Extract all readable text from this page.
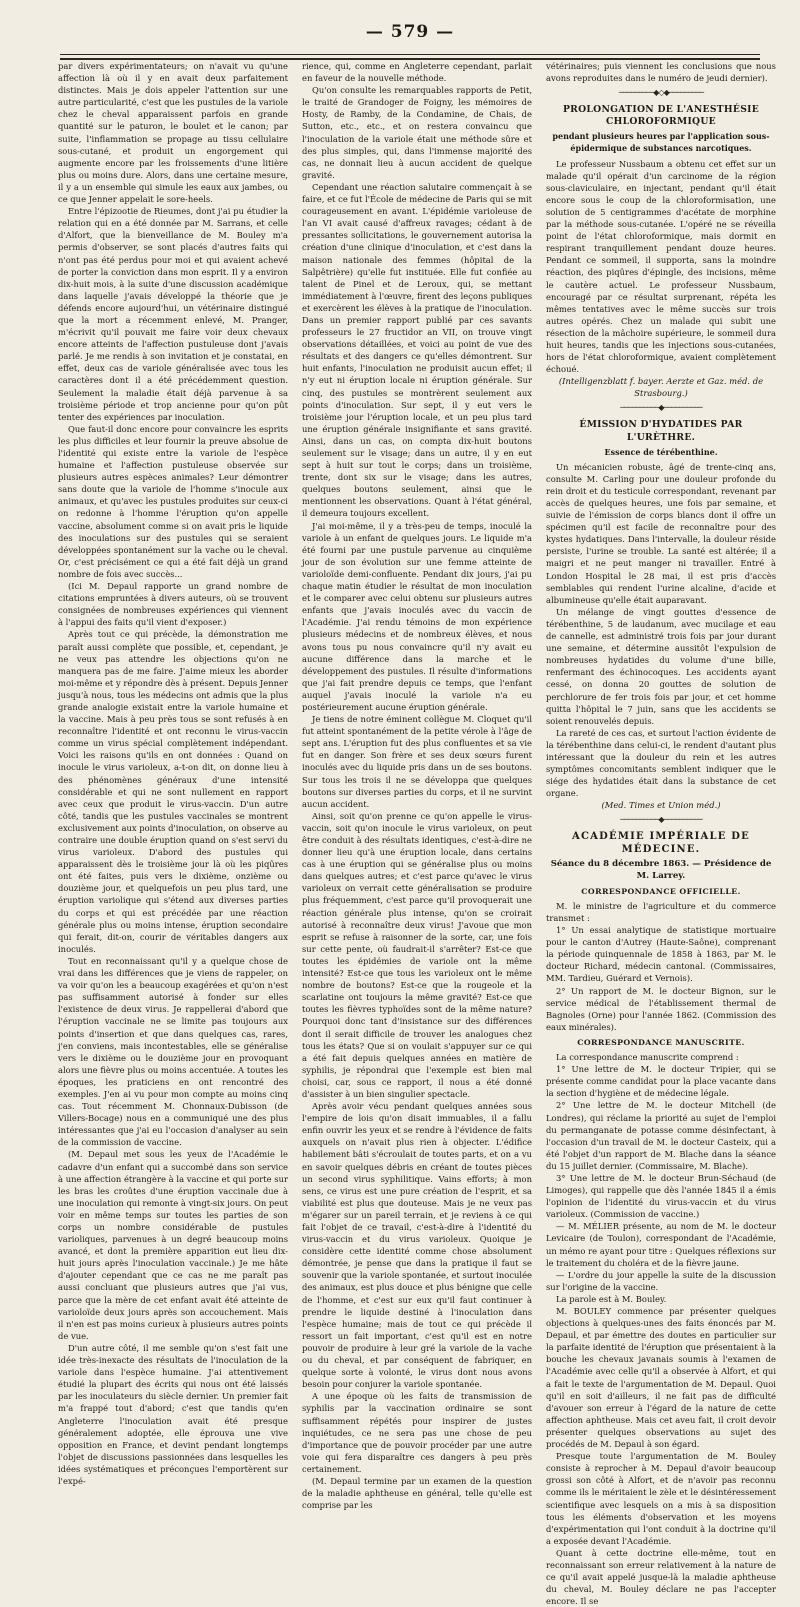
— 579 —

par divers expérimentateurs; on n'avait vu qu'une affection là où il y en avait deux parfaitement distinctes. Mais je dois appeler l'attention sur une autre particularité, c'est que les pustules de la variole chez le cheval apparaissent parfois en grande quantité sur le paturon, le boulet et le canon; par suite, l'inflammation se propage au tissu cellulaire sous-cutané, et produit un engorgement qui augmente encore par les froissements d'une litière plus ou moins dure. Alors, dans une certaine mesure, il y a un ensemble qui simule les eaux aux jambes, ou ce que Jenner appelait le sore-heels.

Entre l'épizootie de Rieumes, dont j'ai pu étudier la relation qui en a été donnée par M. Sarrans, et celle d'Alfort, que la bienveillance de M. Bouley m'a permis d'observer, se sont placés d'autres faits qui n'ont pas été perdus pour moi et qui avaient achevé de porter la conviction dans mon esprit. Il y a environ dix-huit mois, à la suite d'une discussion académique dans laquelle j'avais développé la théorie que je défends encore aujourd'hui, un vétérinaire distingué que la mort a récemment enlevé, M. Pranger, m'écrivit qu'il pouvait me faire voir deux chevaux encore atteints de l'affection pustuleuse dont j'avais parlé. Je me rendis à son invitation et je constatai, en effet, deux cas de variole généralisée avec tous les caractères dont il a été précédemment question. Seulement la maladie était déjà parvenue à sa troisième période et trop ancienne pour qu'on pût tenter des expériences par inoculation.

Que faut-il donc encore pour convaincre les esprits les plus difficiles et leur fournir la preuve absolue de l'identité qui existe entre la variole de l'espèce humaine et l'affection pustuleuse observée sur plusieurs autres espèces animales? Leur démontrer sans doute que la variole de l'homme s'inocule aux animaux, et qu'avec les pustules produites sur ceux-ci on redonne à l'homme l'éruption qu'on appelle vaccine, absolument comme si on avait pris le liquide des inoculations sur des pustules qui se seraient développées spontanément sur la vache ou le cheval. Or, c'est précisément ce qui a été fait déjà un grand nombre de fois avec succès...

(Ici M. Depaul rapporte un grand nombre de citations empruntées à divers auteurs, où se trouvent consignées de nombreuses expériences qui viennent à l'appui des faits qu'il vient d'exposer.)

Après tout ce qui précède, la démonstration me paraît aussi complète que possible, et, cependant, je ne veux pas attendre les objections qu'on ne manquera pas de me faire. J'aime mieux les aborder moi-même et y répondre dès à présent. Depuis Jenner jusqu'à nous, tous les médecins ont admis que la plus grande analogie existait entre la variole humaine et la vaccine. Mais à peu près tous se sont refusés à en reconnaître l'identité et ont reconnu le virus-vaccin comme un virus spécial complètement indépendant. Voici les raisons qu'ils en ont données : Quand on inocule le virus varioleux, a-t-on dit, on donne lieu à des phénomènes généraux d'une intensité considérable et qui ne sont nullement en rapport avec ceux que produit le virus-vaccin. D'un autre côté, tandis que les pustules vaccinales se montrent exclusivement aux points d'inoculation, on observe au contraire une double éruption quand on s'est servi du virus varioleux. D'abord des pustules qui apparaissent dès le troisième jour là où les piqûres ont été faites, puis vers le dixième, onzième ou douzième jour, et quelquefois un peu plus tard, une éruption variolique qui s'étend aux diverses parties du corps et qui est précédée par une réaction générale plus ou moins intense, éruption secondaire qui ferait, dit-on, courir de véritables dangers aux inoculés.

Tout en reconnaissant qu'il y a quelque chose de vrai dans les différences que je viens de rappeler, on va voir qu'on les a beaucoup exagérées et qu'on n'est pas suffisamment autorisé à fonder sur elles l'existence de deux virus. Je rappellerai d'abord que l'éruption vaccinale ne se limite pas toujours aux points d'insertion et que dans quelques cas, rares, j'en conviens, mais incontestables, elle se généralise vers le dixième ou le douzième jour en provoquant alors une fièvre plus ou moins accentuée. A toutes les époques, les praticiens en ont rencontré des exemples. J'en ai vu pour mon compte au moins cinq cas. Tout récemment M. Chonnaux-Dubisson (de Villers-Bocage) nous en a communiqué une des plus intéressantes que j'ai eu l'occasion d'analyser au sein de la commission de vaccine.

(M. Depaul met sous les yeux de l'Académie le cadavre d'un enfant qui a succombé dans son service à une affection étrangère à la vaccine et qui porte sur les bras les croûtes d'une éruption vaccinale due à une inoculation qui remonte à vingt-six jours. On peut voir en même temps sur toutes les parties de son corps un nombre considérable de pustules varioliques, parvenues à un degré beaucoup moins avancé, et dont la première apparition eut lieu dix-huit jours après l'inoculation vaccinale.) Je me hâte d'ajouter cependant que ce cas ne me paraît pas aussi concluant que plusieurs autres que j'ai vus, parce que la mère de cet enfant avait été atteinte de varioloïde deux jours après son accouchement. Mais il n'en est pas moins curieux à plusieurs autres points de vue.

D'un autre côté, il me semble qu'on s'est fait une idée très-inexacte des résultats de l'inoculation de la variole dans l'espèce humaine. J'ai attentivement étudié la plupart des écrits qui nous ont été laissés par les inoculateurs du siècle dernier. Un premier fait m'a frappé tout d'abord; c'est que tandis qu'en Angleterre l'inoculation avait été presque généralement adoptée, elle éprouva une vive opposition en France, et devint pendant longtemps l'objet de discussions passionnées dans lesquelles les idées systématiques et préconçues l'emportèrent sur l'expé-

rience, qui, comme en Angleterre cependant, parlait en faveur de la nouvelle méthode.

Qu'on consulte les remarquables rapports de Petit, le traité de Grandoger de Foigny, les mémoires de Hosty, de Ramby, de la Condamine, de Chais, de Sutton, etc., etc., et on restera convaincu que l'inoculation de la variole était une méthode sûre et des plus simples, qui, dans l'immense majorité des cas, ne donnait lieu à aucun accident de quelque gravité.

Cependant une réaction salutaire commençait à se faire, et ce fut l'École de médecine de Paris qui se mit courageusement en avant. L'épidémie varioleuse de l'an VI avait causé d'affreux ravages; cédant à de pressantes sollicitations, le gouvernement autorisa la création d'une clinique d'inoculation, et c'est dans la maison nationale des femmes (hôpital de la Salpêtrière) qu'elle fut instituée. Elle fut confiée au talent de Pinel et de Leroux, qui, se mettant immédiatement à l'œuvre, firent des leçons publiques et exercèrent les élèves à la pratique de l'inoculation. Dans un premier rapport publié par ces savants professeurs le 27 fructidor an VII, on trouve vingt observations détaillées, et voici au point de vue des résultats et des dangers ce qu'elles démontrent. Sur huit enfants, l'inoculation ne produisit aucun effet; il n'y eut ni éruption locale ni éruption générale. Sur cinq, des pustules se montrèrent seulement aux points d'inoculation. Sur sept, il y eut vers le troisième jour l'éruption locale, et un peu plus tard une éruption générale insignifiante et sans gravité. Ainsi, dans un cas, on compta dix-huit boutons seulement sur le visage; dans un autre, il y en eut sept à huit sur tout le corps; dans un troisième, trente, dont six sur le visage; dans les autres, quelques boutons seulement, ainsi que le mentionnent les observations. Quant à l'état général, il demeura toujours excellent.

J'ai moi-même, il y a très-peu de temps, inoculé la variole à un enfant de quelques jours. Le liquide m'a été fourni par une pustule parvenue au cinquième jour de son évolution sur une femme atteinte de varioloïde demi-confluente. Pendant dix jours, j'ai pu chaque matin étudier le résultat de mon inoculation et le comparer avec celui obtenu sur plusieurs autres enfants que j'avais inoculés avec du vaccin de l'Académie. J'ai rendu témoins de mon expérience plusieurs médecins et de nombreux élèves, et nous avons tous pu nous convaincre qu'il n'y avait eu aucune différence dans la marche et le développement des pustules. Il résulte d'informations que j'ai fait prendre depuis ce temps, que l'enfant auquel j'avais inoculé la variole n'a eu postérieurement aucune éruption générale.

Je tiens de notre éminent collègue M. Cloquet qu'il fut atteint spontanément de la petite vérole à l'âge de sept ans. L'éruption fut des plus confluentes et sa vie fut en danger. Son frère et ses deux sœurs furent inoculés avec du liquide pris dans un de ses boutons. Sur tous les trois il ne se développa que quelques boutons sur diverses parties du corps, et il ne survint aucun accident.

Ainsi, soit qu'on prenne ce qu'on appelle le virus-vaccin, soit qu'on inocule le virus varioleux, on peut être conduit à des résultats identiques, c'est-à-dire ne donner lieu qu'à une éruption locale, dans certains cas à une éruption qui se généralise plus ou moins dans quelques autres; et c'est parce qu'avec le virus varioleux on verrait cette généralisation se produire plus fréquemment, c'est parce qu'il provoquerait une réaction générale plus intense, qu'on se croirait autorisé à reconnaître deux virus! J'avoue que mon esprit se refuse à raisonner de la sorte, car, une fois sur cette pente, où faudrait-il s'arrêter? Est-ce que toutes les épidémies de variole ont la même intensité? Est-ce que tous les varioleux ont le même nombre de boutons? Est-ce que la rougeole et la scarlatine ont toujours la même gravité? Est-ce que toutes les fièvres typhoïdes sont de la même nature? Pourquoi donc tant d'insistance sur des différences dont il serait difficile de trouver les analogues chez tous les états? Que si on voulait s'appuyer sur ce qui a été fait depuis quelques années en matière de syphilis, je répondrai que l'exemple est bien mal choisi, car, sous ce rapport, il nous a été donné d'assister à un bien singulier spectacle.

Après avoir vécu pendant quelques années sous l'empire de lois qu'on disait immuables, il a fallu enfin ouvrir les yeux et se rendre à l'évidence de faits auxquels on n'avait plus rien à objecter. L'édifice habilement bâti s'écroulait de toutes parts, et on a vu en savoir quelques débris en créant de toutes pièces un second virus syphilitique. Vains efforts; à mon sens, ce virus est une pure création de l'esprit, et sa viabilité est plus que douteuse. Mais je ne veux pas m'égarer sur un pareil terrain, et je reviens à ce qui fait l'objet de ce travail, c'est-à-dire à l'identité du virus-vaccin et du virus varioleux. Quoique je considère cette identité comme chose absolument démontrée, je pense que dans la pratique il faut se souvenir que la variole spontanée, et surtout inoculée des animaux, est plus douce et plus bénigne que celle de l'homme, et c'est sur eux qu'il faut continuer à prendre le liquide destiné à l'inoculation dans l'espèce humaine; mais de tout ce qui précède il ressort un fait important, c'est qu'il est en notre pouvoir de produire à leur gré la variole de la vache ou du cheval, et par conséquent de fabriquer, en quelque sorte à volonté, le virus dont nous avons besoin pour conjurer la variole spontanée.

A une époque où les faits de transmission de syphilis par la vaccination ordinaire se sont suffisamment répétés pour inspirer de justes inquiétudes, ce ne sera pas une chose de peu d'importance que de pouvoir procéder par une autre voie qui fera disparaître ces dangers à peu près certainement.

(M. Depaul termine par un examen de la question de la maladie aphtheuse en général, telle qu'elle est comprise par les

vétérinaires; puis viennent les conclusions que nous avons reproduites dans le numéro de jeudi dernier).

─────────◆◇◆─────────
PROLONGATION DE L'ANESTHÉSIE CHLOROFORMIQUE
pendant plusieurs heures par l'application sous-épidermique de substances narcotiques.

Le professeur Nussbaum a obtenu cet effet sur un malade qu'il opérait d'un carcinome de la région sous-claviculaire, en injectant, pendant qu'il était encore sous le coup de la chloroformisation, une solution de 5 centigrammes d'acétate de morphine par la méthode sous-cutanée. L'opéré ne se réveilla point de l'état chloroformique, mais dormit en respirant tranquillement pendant douze heures. Pendant ce sommeil, il supporta, sans la moindre réaction, des piqûres d'épingle, des incisions, même le cautère actuel. Le professeur Nussbaum, encouragé par ce résultat surprenant, répéta les mêmes tentatives avec le même succès sur trois autres opérés. Chez un malade qui subit une résection de la mâchoire supérieure, le sommeil dura huit heures, tandis que les injections sous-cutanées, hors de l'état chloroformique, avaient complètement échoué.

(Intelligenzblatt f. bayer. Aerzte et Gaz. méd. de Strasbourg.)

──────────◆──────────
ÉMISSION D'HYDATIDES PAR L'URÈTHRE.
Essence de térébenthine.

Un mécanicien robuste, âgé de trente-cinq ans, consulte M. Carling pour une douleur profonde du rein droit et du testicule correspondant, revenant par accès de quelques heures, une fois par semaine, et suivie de l'émission de corps blancs dont il offre un spécimen qu'il est facile de reconnaître pour des kystes hydatiques. Dans l'intervalle, la douleur réside persiste, l'urine se trouble. La santé est altérée; il a maigri et ne peut manger ni travailler. Entré à London Hospital le 28 mai, il est pris d'accès semblables qui rendent l'urine alcaline, d'acide et albumineuse qu'elle était auparavant.

Un mélange de vingt gouttes d'essence de térébenthine, 5 de laudanum, avec mucilage et eau de cannelle, est administré trois fois par jour durant une semaine, et détermine aussitôt l'expulsion de nombreuses hydatides du volume d'une bille, renfermant des échinocoques. Les accidents ayant cessé, on donna 20 gouttes de solution de perchlorure de fer trois fois par jour, et cet homme quitta l'hôpital le 7 juin, sans que les accidents se soient renouvelés depuis.

La rareté de ces cas, et surtout l'action évidente de la térébenthine dans celui-ci, le rendent d'autant plus intéressant que la douleur du rein et les autres symptômes concomitants semblent indiquer que le siége des hydatides était dans la substance de cet organe.

(Med. Times et Union méd.)

──────────◆──────────
ACADÉMIE IMPÉRIALE DE MÉDECINE.
Séance du 8 décembre 1863. — Présidence de M. Larrey.
CORRESPONDANCE OFFICIELLE.

M. le ministre de l'agriculture et du commerce transmet :

1° Un essai analytique de statistique mortuaire pour le canton d'Autrey (Haute-Saône), comprenant la période quinquennale de 1858 à 1863, par M. le docteur Richard, médecin cantonal. (Commissaires, MM. Tardieu, Guérard et Vernois).

2° Un rapport de M. le docteur Bignon, sur le service médical de l'établissement thermal de Bagnoles (Orne) pour l'année 1862. (Commission des eaux minérales).

CORRESPONDANCE MANUSCRITE.

La correspondance manuscrite comprend :

1° Une lettre de M. le docteur Tripier, qui se présente comme candidat pour la place vacante dans la section d'hygiène et de médecine légale.

2° Une lettre de M. le docteur Mitchell (de Londres), qui réclame la priorité au sujet de l'emploi du permanganate de potasse comme désinfectant, à l'occasion d'un travail de M. le docteur Casteix, qui a été l'objet d'un rapport de M. Blache dans la séance du 15 juillet dernier. (Commissaire, M. Blache).

3° Une lettre de M. le docteur Brun-Séchaud (de Limoges), qui rappelle que dès l'année 1845 il a émis l'opinion de l'identité du virus-vaccin et du virus varioleux. (Commission de vaccine.)

— M. MÉLIER présente, au nom de M. le docteur Levicaire (de Toulon), correspondant de l'Académie, un mémo re ayant pour titre : Quelques réflexions sur le traitement du choléra et de la fièvre jaune.

— L'ordre du jour appelle la suite de la discussion sur l'origine de la vaccine.

La parole est à M. Bouley.

M. BOULEY commence par présenter quelques objections à quelques-unes des faits énoncés par M. Depaul, et par émettre des doutes en particulier sur la parfaite identité de l'éruption que présentaient à la bouche les chevaux javanais soumis à l'examen de l'Académie avec celle qu'il a observée à Alfort, et qui a fait le texte de l'argumentation de M. Depaul. Quoi qu'il en soit d'ailleurs, il ne fait pas de difficulté d'avouer son erreur à l'égard de la nature de cette affection aphtheuse. Mais cet aveu fait, il croit devoir présenter quelques observations au sujet des procédés de M. Depaul à son égard.

Presque toute l'argumentation de M. Bouley consiste à reprocher à M. Depaul d'avoir beaucoup grossi son côté à Alfort, et de n'avoir pas reconnu comme ils le méritaient le zèle et le désintéressement scientifique avec lesquels on a mis à sa disposition tous les éléments d'observation et les moyens d'expérimentation qui l'ont conduit à la doctrine qu'il a exposée devant l'Académie.

Quant à cette doctrine elle-même, tout en reconnaissant son erreur relativement à la nature de ce qu'il avait appelé jusque-là la maladie aphtheuse du cheval, M. Bouley déclare ne pas l'accepter encore. Il se
